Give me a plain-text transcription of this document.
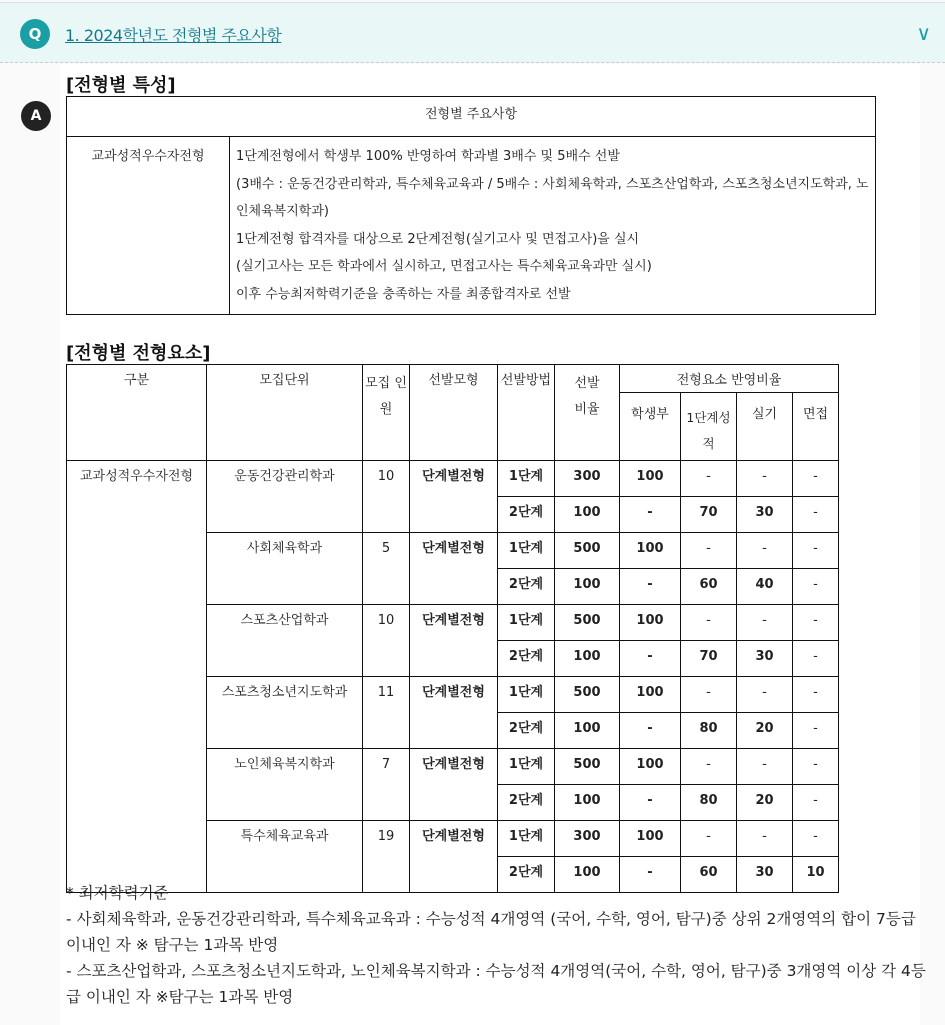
Q	1. 2024학년도 전형별 주요사항	∨
A
[전형별 특성]
전형별 주요사항
교과성적우수자전형	1단계전형에서 학생부 100% 반영하여 학과별 3배수 및 5배수 선발
(3배수 : 운동건강관리학과, 특수체육교육과 / 5배수 : 사회체육학과, 스포츠산업학과, 스포츠청소년지도학과, 노인체육복지학과)
1단계전형 합격자를 대상으로 2단계전형(실기고사 및 면접고사)을 실시
(실기고사는 모든 학과에서 실시하고, 면접고사는 특수체육교육과만 실시)
이후 수능최저학력기준을 충족하는 자를 최종합격자로 선발
[전형별 전형요소]
구분	모집단위	모집 인원	선발모형	선발방법	선발 비율	전형요소 반영비율			
						학생부	1단계성적	실기	면접
교과성적우수자전형	운동건강관리학과	10	단계별전형	1단계	300	100	-	-	-
				2단계	100	-	70	30	-
	사회체육학과	5	단계별전형	1단계	500	100	-	-	-
				2단계	100	-	60	40	-
	스포츠산업학과	10	단계별전형	1단계	500	100	-	-	-
				2단계	100	-	70	30	-
	스포츠청소년지도학과	11	단계별전형	1단계	500	100	-	-	-
				2단계	100	-	80	20	-
	노인체육복지학과	7	단계별전형	1단계	500	100	-	-	-
				2단계	100	-	80	20	-
	특수체육교육과	19	단계별전형	1단계	300	100	-	-	-
				2단계	100	-	60	30	10
* 최저학력기준
- 사회체육학과, 운동건강관리학과, 특수체육교육과 : 수능성적 4개영역 (국어, 수학, 영어, 탐구)중 상위 2개영역의 합이 7등급 이내인 자 ※ 탐구는 1과목 반영
- 스포츠산업학과, 스포츠청소년지도학과, 노인체육복지학과 : 수능성적 4개영역(국어, 수학, 영어, 탐구)중 3개영역 이상 각 4등급 이내인 자 ※탐구는 1과목 반영
